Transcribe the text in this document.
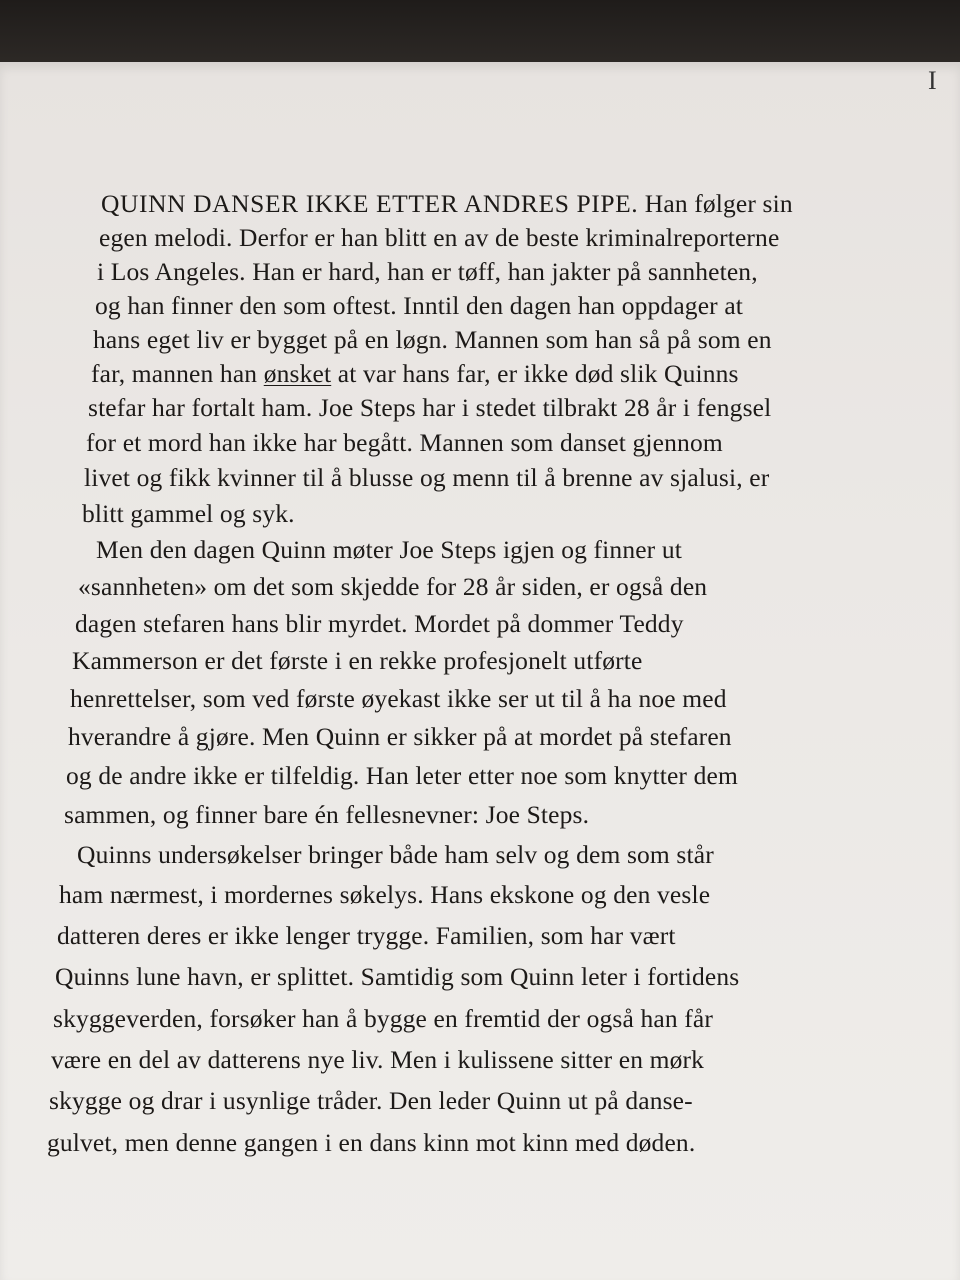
I
QUINN DANSER IKKE ETTER ANDRES PIPE. Han følger sin
egen melodi. Derfor er han blitt en av de beste kriminalreporterne
i Los Angeles. Han er hard, han er tøff, han jakter på sannheten,
og han finner den som oftest. Inntil den dagen han oppdager at
hans eget liv er bygget på en løgn. Mannen som han så på som en
far, mannen han ønsket at var hans far, er ikke død slik Quinns
stefar har fortalt ham. Joe Steps har i stedet tilbrakt 28 år i fengsel
for et mord han ikke har begått. Mannen som danset gjennom
livet og fikk kvinner til å blusse og menn til å brenne av sjalusi, er
blitt gammel og syk.
Men den dagen Quinn møter Joe Steps igjen og finner ut
«sannheten» om det som skjedde for 28 år siden, er også den
dagen stefaren hans blir myrdet. Mordet på dommer Teddy
Kammerson er det første i en rekke profesjonelt utførte
henrettelser, som ved første øyekast ikke ser ut til å ha noe med
hverandre å gjøre. Men Quinn er sikker på at mordet på stefaren
og de andre ikke er tilfeldig. Han leter etter noe som knytter dem
sammen, og finner bare én fellesnevner: Joe Steps.
Quinns undersøkelser bringer både ham selv og dem som står
ham nærmest, i mordernes søkelys. Hans ekskone og den vesle
datteren deres er ikke lenger trygge. Familien, som har vært
Quinns lune havn, er splittet. Samtidig som Quinn leter i fortidens
skyggeverden, forsøker han å bygge en fremtid der også han får
være en del av datterens nye liv. Men i kulissene sitter en mørk
skygge og drar i usynlige tråder. Den leder Quinn ut på danse-
gulvet, men denne gangen i en dans kinn mot kinn med døden.
